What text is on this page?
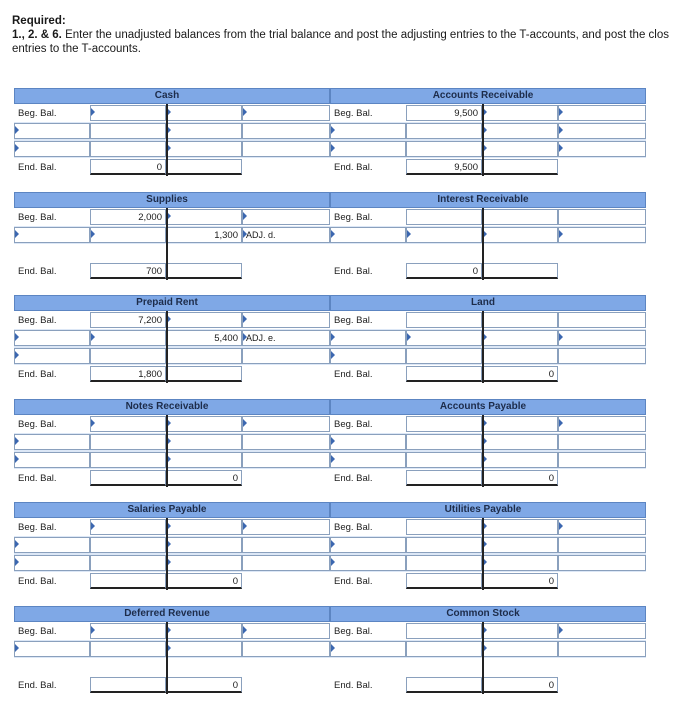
Required:
1., 2. & 6. Enter the unadjusted balances from the trial balance and post the adjusting entries to the T-accounts, and post the clos
entries to the T-accounts.
Cash
Beg. Bal.
End. Bal.	0
Accounts Receivable
Beg. Bal.	9,500
End. Bal.	9,500
Supplies
Beg. Bal.	2,000
1,300 ADJ. d.
End. Bal.	700
Interest Receivable
Beg. Bal.
End. Bal.	0
Prepaid Rent
Beg. Bal.	7,200
5,400 ADJ. e.
End. Bal.	1,800
Land
Beg. Bal.
End. Bal.	0
Notes Receivable
Beg. Bal.
End. Bal.	0
Accounts Payable
Beg. Bal.
End. Bal.	0
Salaries Payable
Beg. Bal.
End. Bal.	0
Utilities Payable
Beg. Bal.
End. Bal.	0
Deferred Revenue
Beg. Bal.
End. Bal.	0
Common Stock
Beg. Bal.
End. Bal.	0
